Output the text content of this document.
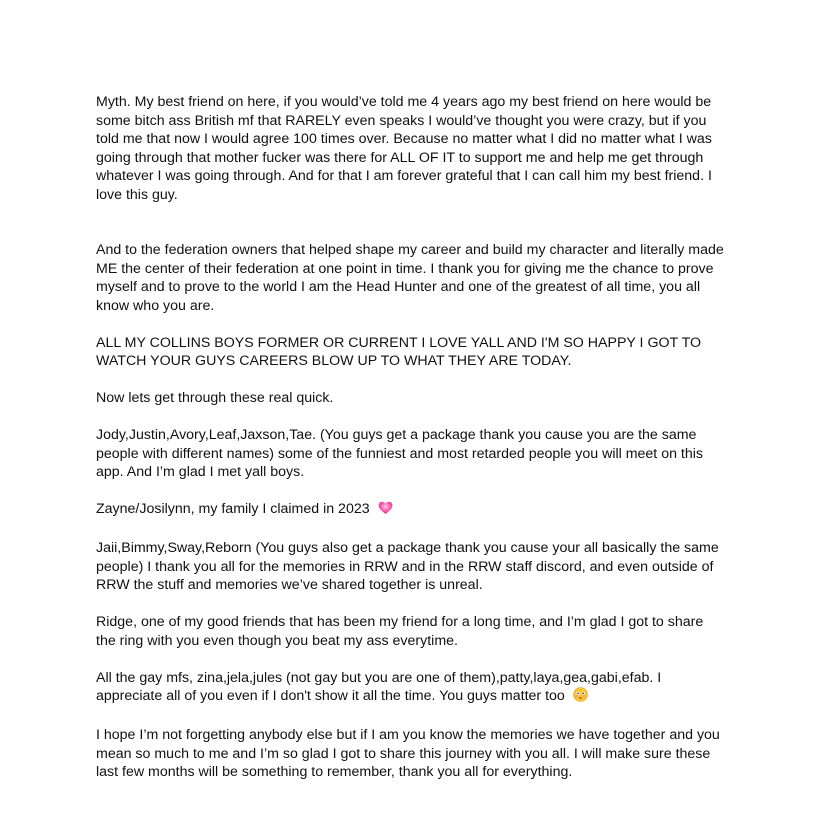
Myth. My best friend on here, if you would’ve told me 4 years ago my best friend on here would be some bitch ass British mf that RARELY even speaks I would’ve thought you were crazy, but if you told me that now I would agree 100 times over. Because no matter what I did no matter what I was going through that mother fucker was there for ALL OF IT to support me and help me get through whatever I was going through. And for that I am forever grateful that I can call him my best friend. I love this guy.

And to the federation owners that helped shape my career and build my character and literally made ME the center of their federation at one point in time. I thank you for giving me the chance to prove myself and to prove to the world I am the Head Hunter and one of the greatest of all time, you all know who you are.

ALL MY COLLINS BOYS FORMER OR CURRENT I LOVE YALL AND I'M SO HAPPY I GOT TO WATCH YOUR GUYS CAREERS BLOW UP TO WHAT THEY ARE TODAY.

Now lets get through these real quick.

Jody,Justin,Avory,Leaf,Jaxson,Tae. (You guys get a package thank you cause you are the same people with different names) some of the funniest and most retarded people you will meet on this app. And I’m glad I met yall boys.

Zayne/Josilynn, my family I claimed in 2023

Jaii,Bimmy,Sway,Reborn (You guys also get a package thank you cause your all basically the same people) I thank you all for the memories in RRW and in the RRW staff discord, and even outside of RRW the stuff and memories we’ve shared together is unreal.

Ridge, one of my good friends that has been my friend for a long time, and I’m glad I got to share the ring with you even though you beat my ass everytime.

All the gay mfs, zina,jela,jules (not gay but you are one of them),patty,laya,gea,gabi,efab. I appreciate all of you even if I don't show it all the time. You guys matter too

I hope I’m not forgetting anybody else but if I am you know the memories we have together and you mean so much to me and I’m so glad I got to share this journey with you all. I will make sure these last few months will be something to remember, thank you all for everything.
